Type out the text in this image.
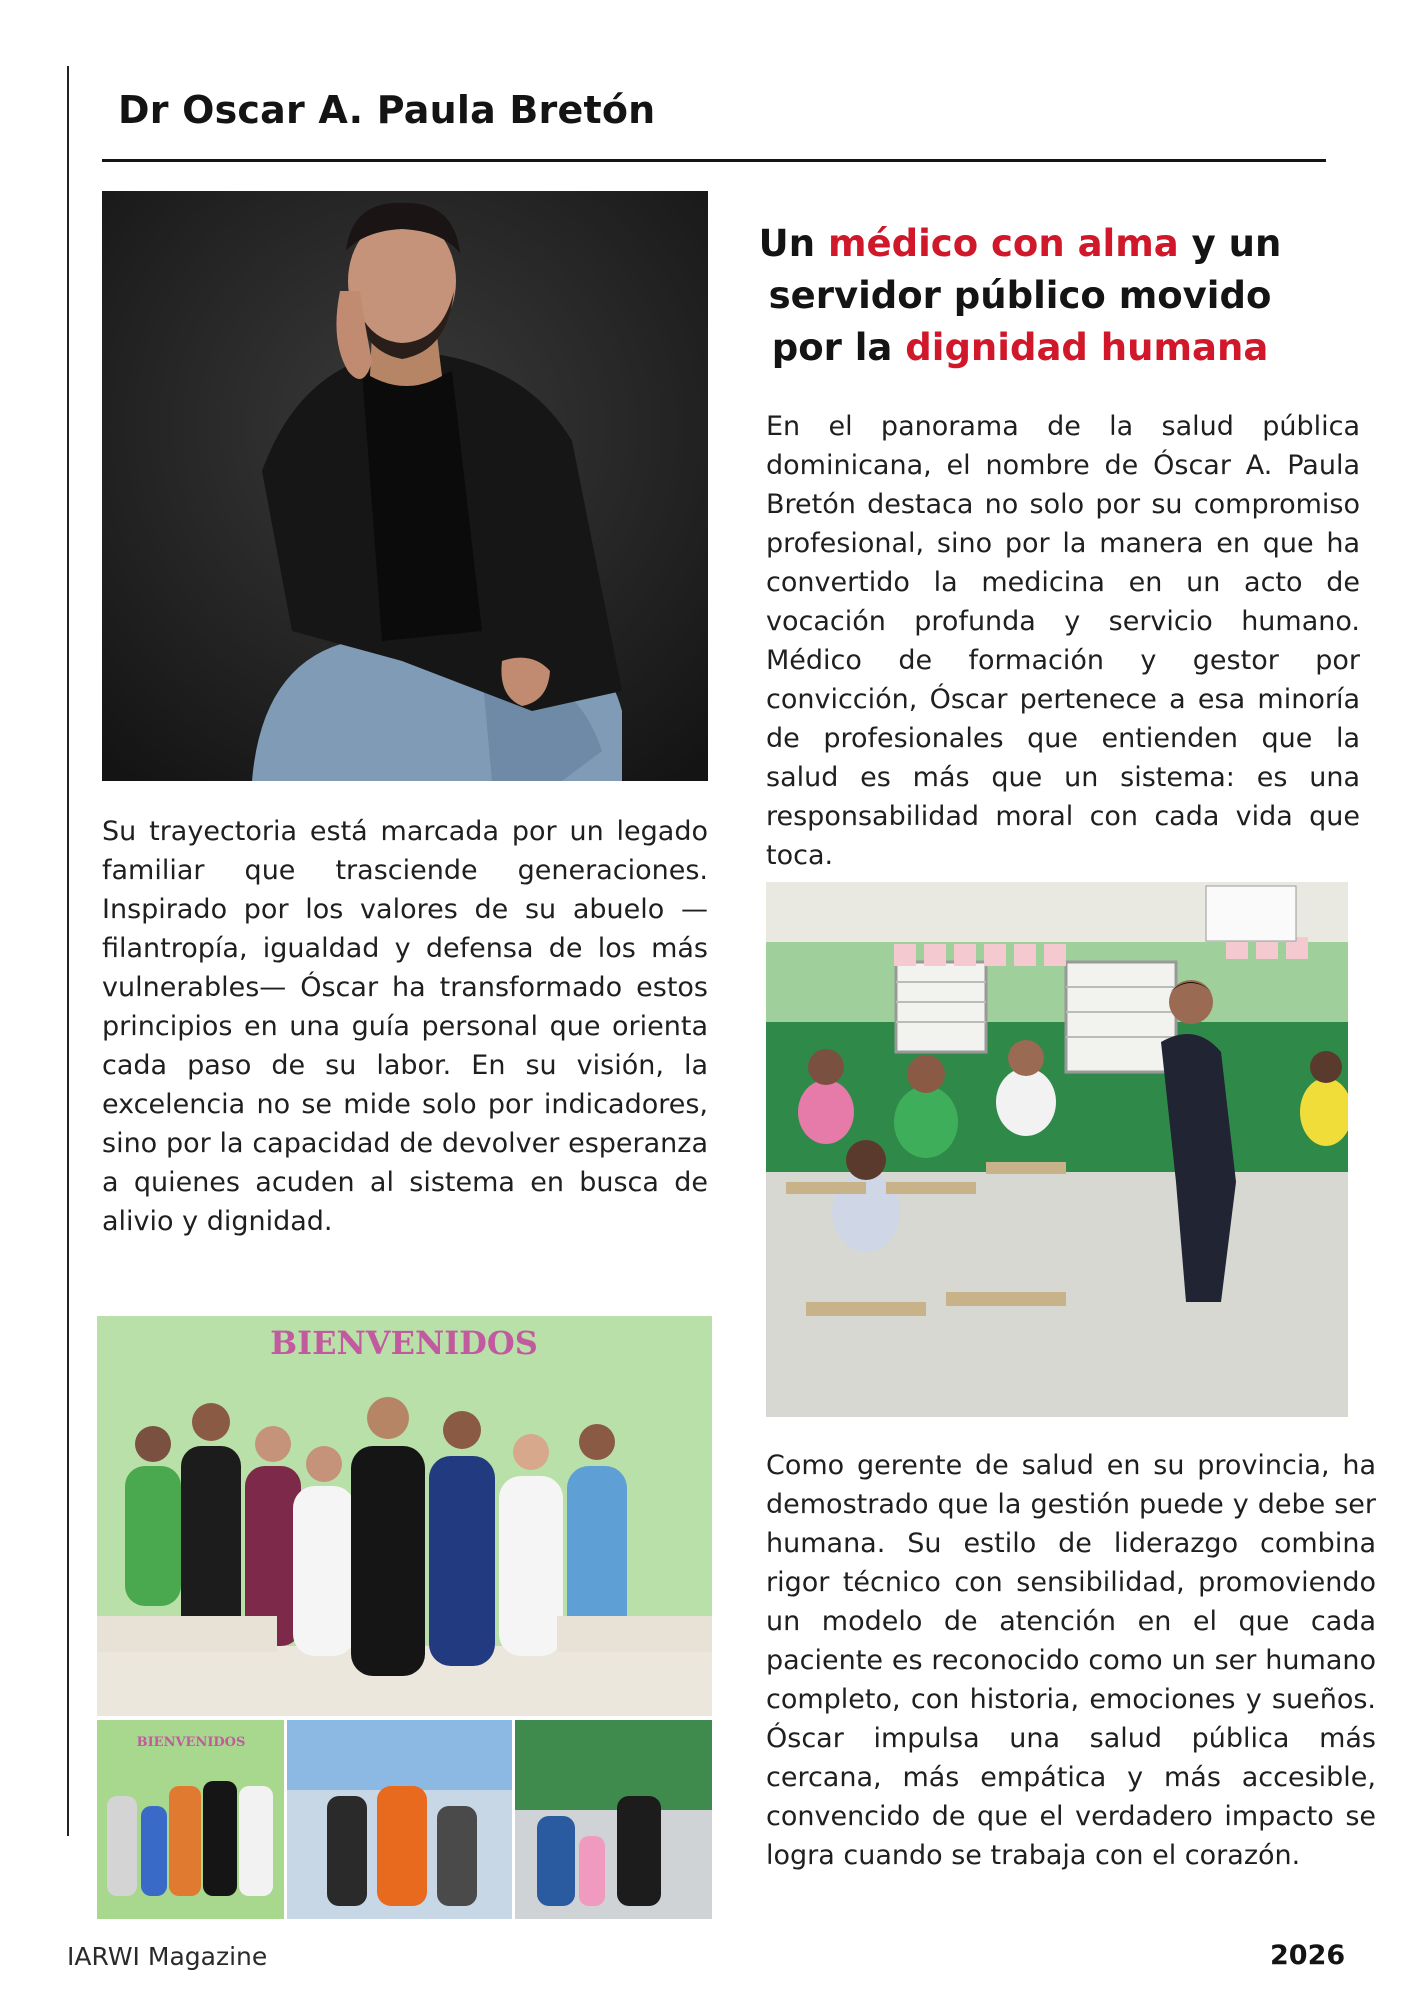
Dr Oscar A. Paula Bretón
Un médico con alma y un servidor público movido por la dignidad humana

En el panorama de la salud pública dominicana, el nombre de Óscar A. Paula Bretón destaca no solo por su compromiso profesional, sino por la manera en que ha convertido la medicina en un acto de vocación profunda y servicio humano. Médico de formación y gestor por convicción, Óscar pertenece a esa minoría de profesionales que entienden que la salud es más que un sistema: es una responsabilidad moral con cada vida que toca.

Su trayectoria está marcada por un legado familiar que trasciende generaciones. Inspirado por los valores de su abuelo —filantropía, igualdad y defensa de los más vulnerables— Óscar ha transformado estos principios en una guía personal que orienta cada paso de su labor. En su visión, la excelencia no se mide solo por indicadores, sino por la capacidad de devolver esperanza a quienes acuden al sistema en busca de alivio y dignidad.

BIENVENIDOS
BIENVENIDOS

Como gerente de salud en su provincia, ha demostrado que la gestión puede y debe ser humana. Su estilo de liderazgo combina rigor técnico con sensibilidad, promoviendo un modelo de atención en el que cada paciente es reconocido como un ser humano completo, con historia, emociones y sueños. Óscar impulsa una salud pública más cercana, más empática y más accesible, convencido de que el verdadero impacto se logra cuando se trabaja con el corazón.

IARWI Magazine	2026
